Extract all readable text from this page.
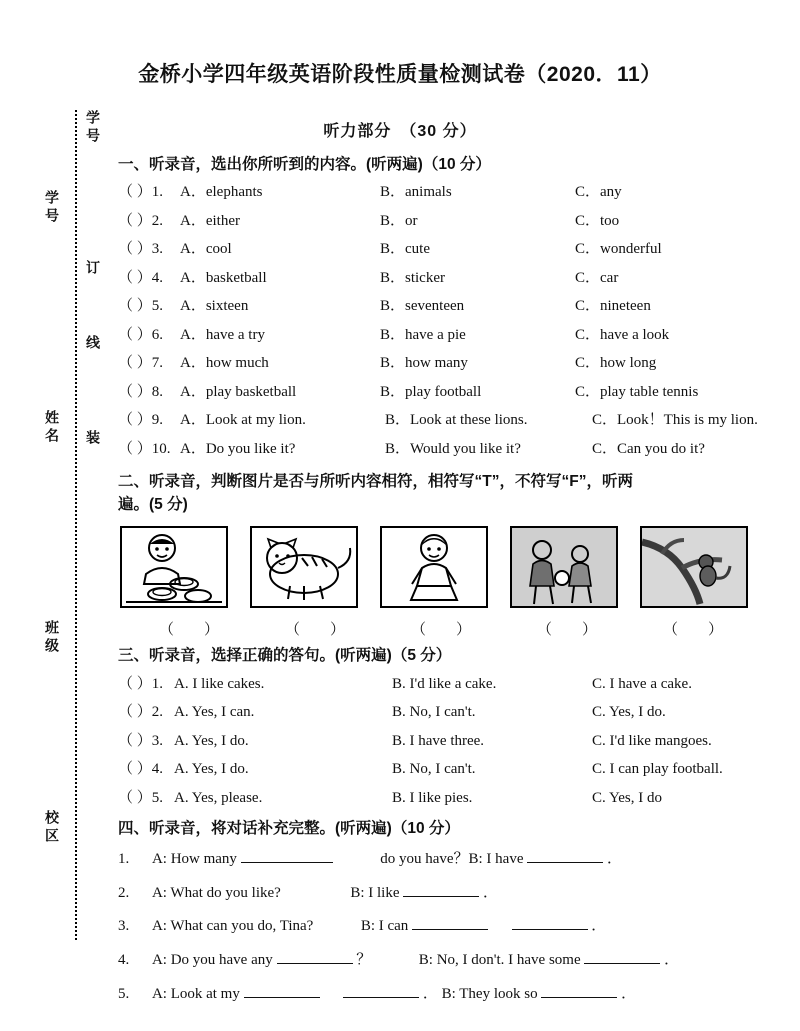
学号
订
线
装
学号
姓名
班级
校区
金桥小学四年级英语阶段性质量检测试卷（2020．11）
听力部分　（30 分）
一、听录音，选出你所听到的内容。(听两遍)（10 分）
（ ）1.	A．elephants	B．animals	C．any
（ ）2.	A．either	B．or	C．too
（ ）3.	A．cool	B．cute	C．wonderful
（ ）4.	A．basketball	B．sticker	C．car
（ ）5.	A．sixteen	B．seventeen	C．nineteen
（ ）6.	A．have a try	B．have a pie	C．have a look
（ ）7.	A．how much	B．how many	C．how long
（ ）8.	A．play basketball	B．play football	C．play table tennis
（ ）9.	A．Look at my lion.	B．Look at these lions.	C．Look！This is my lion.
（ ）10. A．Do you like it?	B．Would you like it?	C．Can you do it?
二、听录音，判断图片是否与所听内容相符，相符写“T”，不符写“F”，听两
遍。(5 分)
（　　）	（　　）	（　　）	（　　）	（　　）
三、听录音，选择正确的答句。(听两遍)（5 分）
（ ）1. A. I like cakes.	B. I'd like a cake.	C. I have a cake.
（ ）2. A. Yes, I can.	B. No, I can't.	C. Yes, I do.
（ ）3. A. Yes, I do.	B. I have three.	C. I'd like mangoes.
（ ）4. A. Yes, I do.	B. No, I can't.	C. I can play football.
（ ）5. A. Yes, please.	B. I like pies.	C. Yes, I do
四、听录音，将对话补充完整。(听两遍)（10 分）
1. A: How many	do you have？B: I have	．
2. A: What do you like?	B: I like	．
3. A: What can you do, Tina?	B: I can	．
4. A: Do you have any	？	B: No, I don't. I have some	．
5. A: Look at my	． B: They look so	．
